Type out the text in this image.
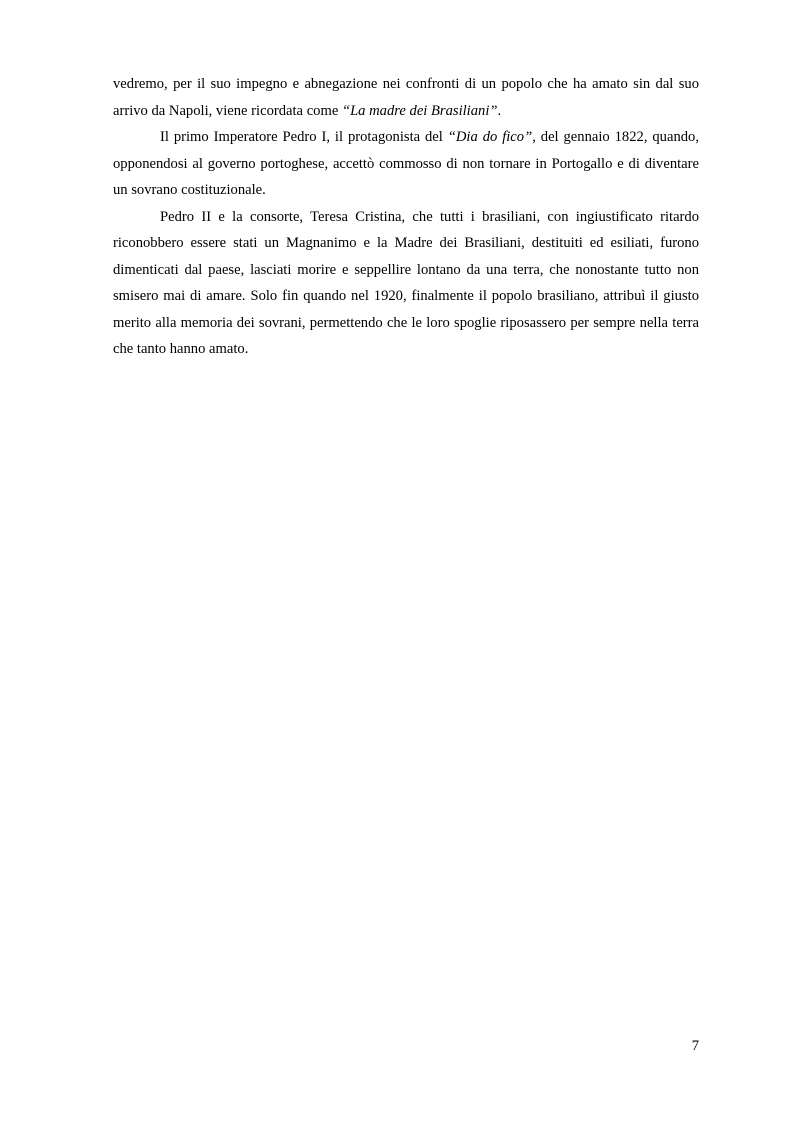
vedremo, per il suo impegno e abnegazione nei confronti di un popolo che ha amato sin dal suo arrivo da Napoli, viene ricordata come “La madre dei Brasiliani”.

Il primo Imperatore Pedro I, il protagonista del “Dia do fico”, del gennaio 1822, quando, opponendosi al governo portoghese, accettò commosso di non tornare in Portogallo e di diventare un sovrano costituzionale.

Pedro II e la consorte, Teresa Cristina, che tutti i brasiliani, con ingiustificato ritardo riconobbero essere stati un Magnanimo e la Madre dei Brasiliani, destituiti ed esiliati, furono dimenticati dal paese, lasciati morire e seppellire lontano da una terra, che nonostante tutto non smisero mai di amare. Solo fin quando nel 1920, finalmente il popolo brasiliano, attribuì il giusto merito alla memoria dei sovrani, permettendo che le loro spoglie riposassero per sempre nella terra che tanto hanno amato.

7
